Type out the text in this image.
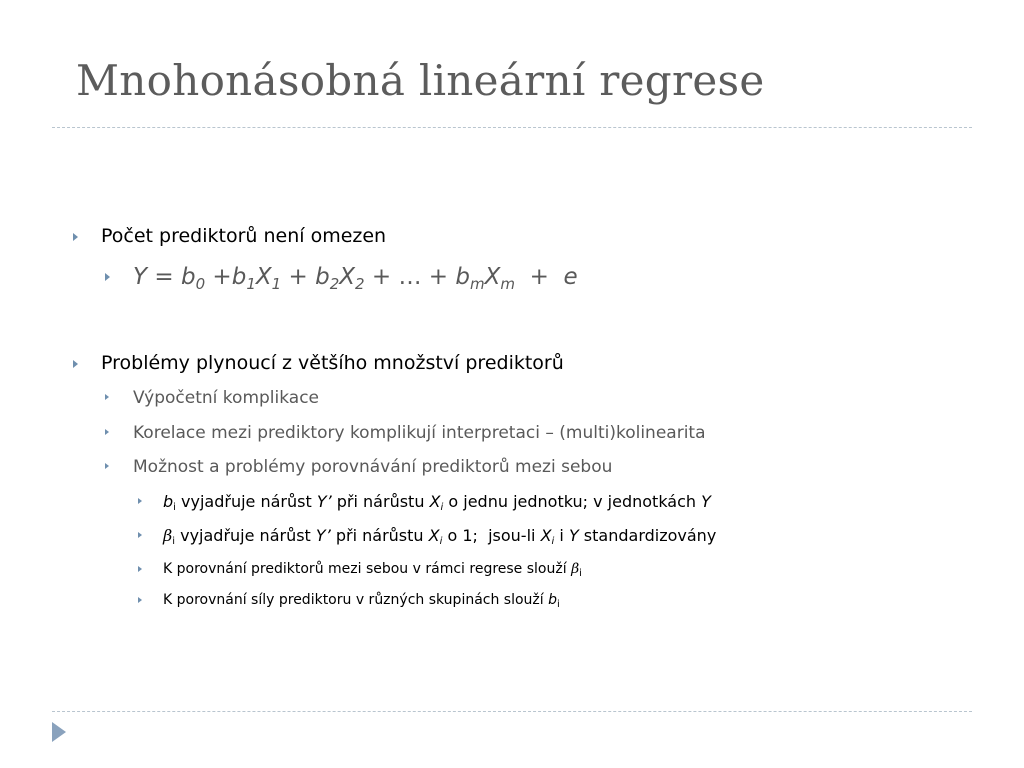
Mnohonásobná lineární regrese
Počet prediktorů není omezen
$Y = b_0 +b_1X_1 + b_2X_2$ + … + $b_mX_m + e$
Problémy plynoucí z většího množství prediktorů
Výpočetní komplikace
Korelace mezi prediktory komplikují interpretaci – (multi)kolinearita
Možnost a problémy porovnávání prediktorů mezi sebou
$b_i$ vyjadřuje nárůst Y’ při nárůstu $X_i$ o jednu jednotku; v jednotkách Y
$\beta_i$ vyjadřuje nárůst Y’ při nárůstu $X_i$ o 1;  jsou-li $X_i$ i Y standardizovány
K porovnání prediktorů mezi sebou v rámci regrese slouží $\beta_i$
K porovnání síly prediktoru v různých skupinách slouží $b_i$
